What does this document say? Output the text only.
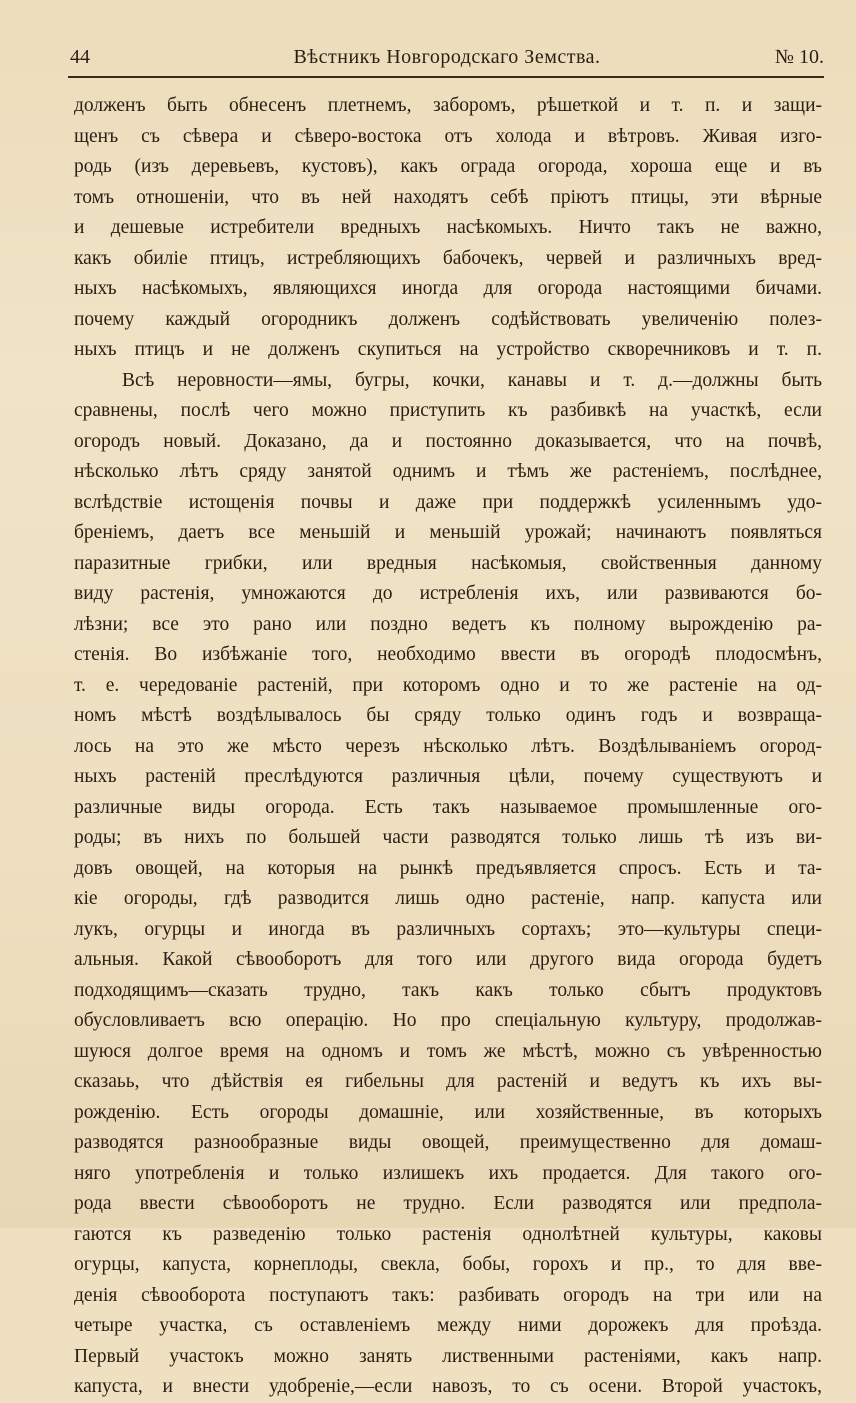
44	Вѣстникъ Новгородскаго Земства.	№ 10.
долженъ быть обнесенъ плетнемъ, заборомъ, рѣшеткой и т. п. и защи-
щенъ съ сѣвера и сѣверо-востока отъ холода и вѣтровъ. Живая изго-
родь (изъ деревьевъ, кустовъ), какъ ограда огорода, хороша еще и въ
томъ отношеніи, что въ ней находятъ себѣ пріютъ птицы, эти вѣрные
и дешевые истребители вредныхъ насѣкомыхъ. Ничто такъ не важно,
какъ обиліе птицъ, истребляющихъ бабочекъ, червей и различныхъ вред-
ныхъ насѣкомыхъ, являющихся иногда для огорода настоящими бичами.
почему каждый огородникъ долженъ содѣйствовать увеличенію полез-
ныхъ птицъ и не долженъ скупиться на устройство скворечниковъ и т. п.
Всѣ неровности—ямы, бугры, кочки, канавы и т. д.—должны быть
сравнены, послѣ чего можно приступить къ разбивкѣ на участкѣ, если
огородъ новый. Доказано, да и постоянно доказывается, что на почвѣ,
нѣсколько лѣтъ сряду занятой однимъ и тѣмъ же растеніемъ, послѣднее,
вслѣдствіе истощенія почвы и даже при поддержкѣ усиленнымъ удо-
бреніемъ, даетъ все меньшій и меньшій урожай; начинаютъ появляться
паразитные грибки, или вредныя насѣкомыя, свойственныя данному
виду растенія, умножаются до истребленія ихъ, или развиваются бо-
лѣзни; все это рано или поздно ведетъ къ полному вырожденію ра-
стенія. Во избѣжаніе того, необходимо ввести въ огородѣ плодосмѣнъ,
т. е. чередованіе растеній, при которомъ одно и то же растеніе на од-
номъ мѣстѣ воздѣлывалось бы сряду только одинъ годъ и возвраща-
лось на это же мѣсто черезъ нѣсколько лѣтъ. Воздѣлываніемъ огород-
ныхъ растеній преслѣдуются различныя цѣли, почему существуютъ и
различные виды огорода. Есть такъ называемое промышленные ого-
роды; въ нихъ по большей части разводятся только лишь тѣ изъ ви-
довъ овощей, на которыя на рынкѣ предъявляется спросъ. Есть и та-
кіе огороды, гдѣ разводится лишь одно растеніе, напр. капуста или
лукъ, огурцы и иногда въ различныхъ сортахъ; это—культуры специ-
альныя. Какой сѣвооборотъ для того или другого вида огорода будетъ
подходящимъ—сказать трудно, такъ какъ только сбытъ продуктовъ
обусловливаетъ всю операцію. Но про спеціальную культуру, продолжав-
шуюся долгое время на одномъ и томъ же мѣстѣ, можно съ увѣренностью
сказаьь, что дѣйствія ея гибельны для растеній и ведутъ къ ихъ вы-
рожденію. Есть огороды домашніе, или хозяйственные, въ которыхъ
разводятся разнообразные виды овощей, преимущественно для домаш-
няго употребленія и только излишекъ ихъ продается. Для такого ого-
рода ввести сѣвооборотъ не трудно. Если разводятся или предпола-
гаются къ разведенію только растенія однолѣтней культуры, каковы
огурцы, капуста, корнеплоды, свекла, бобы, горохъ и пр., то для вве-
денія сѣвооборота поступаютъ такъ: разбивать огородъ на три или на
четыре участка, съ оставленіемъ между ними дорожекъ для проѣзда.
Первый участокъ можно занять лиственными растеніями, какъ напр.
капуста, и внести удобреніе,—если навозъ, то съ осени. Второй участокъ,
